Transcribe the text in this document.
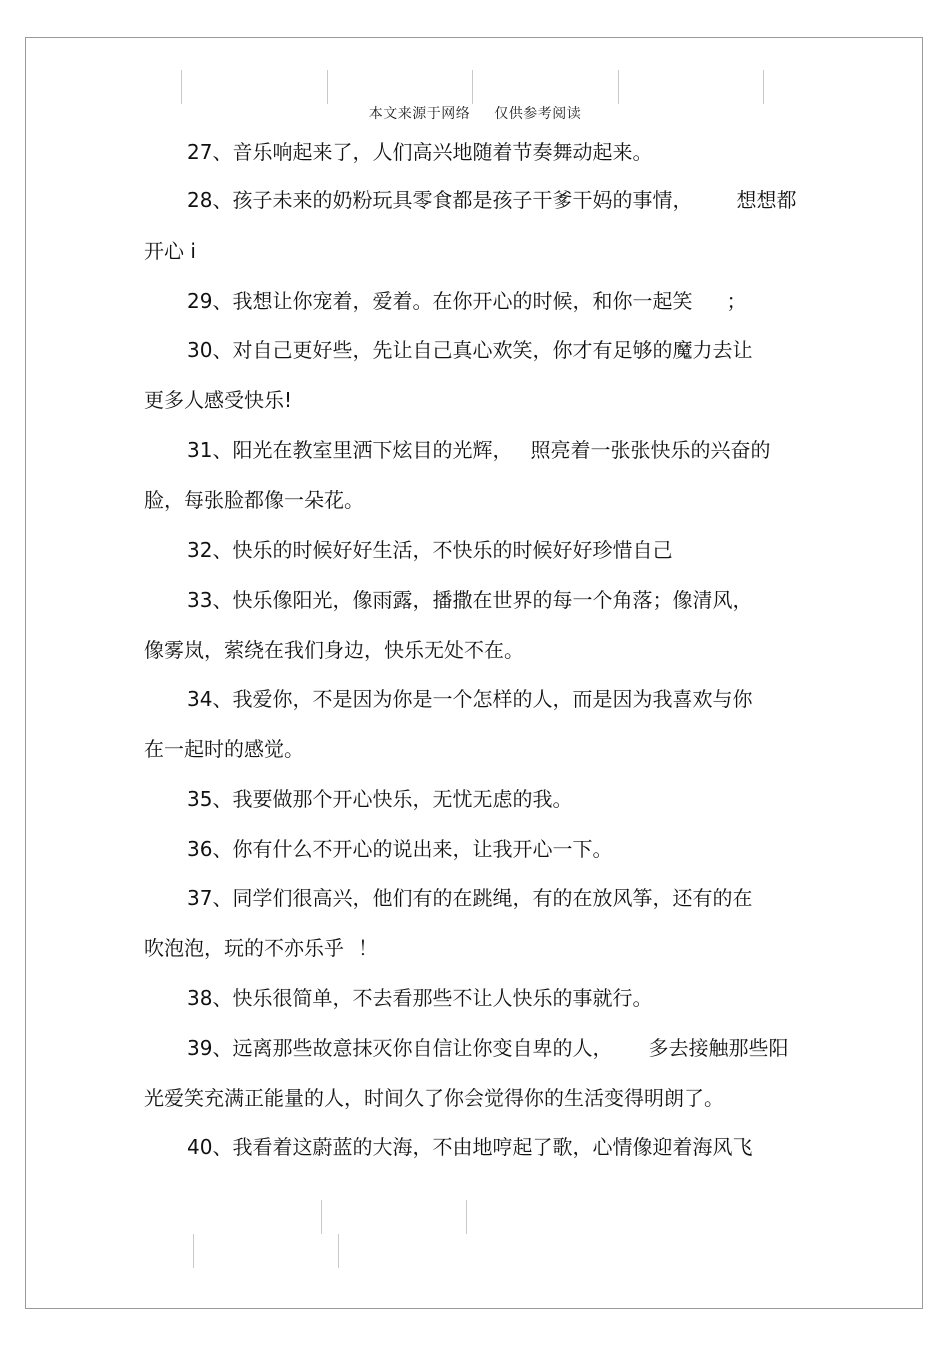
本文来源于网络 仅供参考阅读
27、音乐响起来了，人们高兴地随着节奏舞动起来。
28、孩子未来的奶粉玩具零食都是孩子干爹干妈的事情， 想想都
开心 i
29、我想让你宠着，爱着。在你开心的时候，和你一起笑 ；
30、对自己更好些，先让自己真心欢笑，你才有足够的魔力去让
更多人感受快乐!
31、阳光在教室里洒下炫目的光辉， 照亮着一张张快乐的兴奋的
脸，每张脸都像一朵花。
32、快乐的时候好好生活，不快乐的时候好好珍惜自己
33、快乐像阳光，像雨露，播撒在世界的每一个角落；像清风，
像雾岚，萦绕在我们身边，快乐无处不在。
34、我爱你，不是因为你是一个怎样的人，而是因为我喜欢与你
在一起时的感觉。
35、我要做那个开心快乐，无忧无虑的我。
36、你有什么不开心的说出来，让我开心一下。
37、同学们很高兴，他们有的在跳绳，有的在放风筝，还有的在
吹泡泡，玩的不亦乐乎 ！
38、快乐很简单，不去看那些不让人快乐的事就行。
39、远离那些故意抹灭你自信让你变自卑的人， 多去接触那些阳
光爱笑充满正能量的人，时间久了你会觉得你的生活变得明朗了。
40、我看着这蔚蓝的大海，不由地哼起了歌，心情像迎着海风飞
